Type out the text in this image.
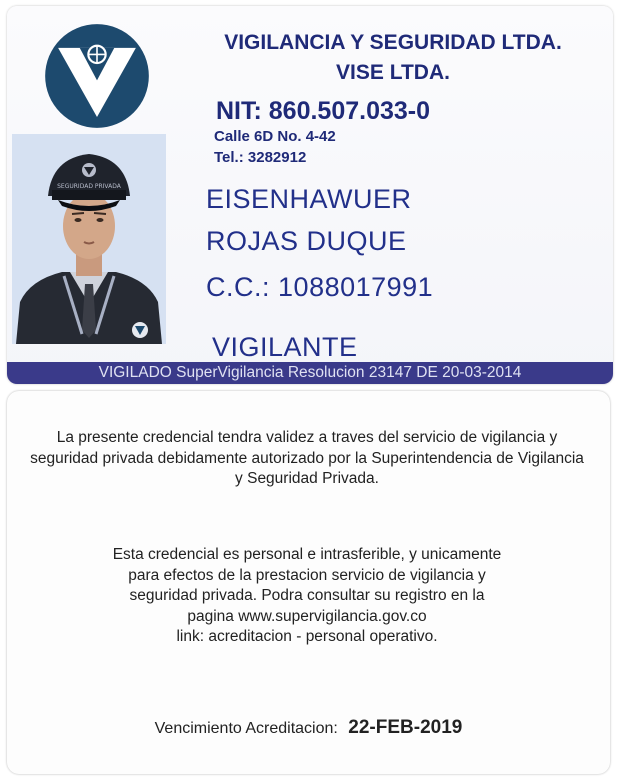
VIGILANCIA Y SEGURIDAD LTDA.
VISE LTDA.
NIT: 860.507.033-0
Calle 6D No. 4-42
Tel.: 3282912
SEGURIDAD PRIVADA	EISENHAWUER
ROJAS DUQUE
C.C.: 1088017991
VIGILANTE
VIGILADO SuperVigilancia Resolucion 23147 DE 20-03-2014
La presente credencial tendra validez a traves del servicio de vigilancia y seguridad privada debidamente autorizado por la Superintendencia de Vigilancia y Seguridad Privada.
Esta credencial es personal e intrasferible, y unicamente
para efectos de la prestacion servicio de vigilancia y
seguridad privada. Podra consultar su registro en la
pagina www.supervigilancia.gov.co
link: acreditacion - personal operativo.
Vencimiento Acreditacion: 22-FEB-2019
